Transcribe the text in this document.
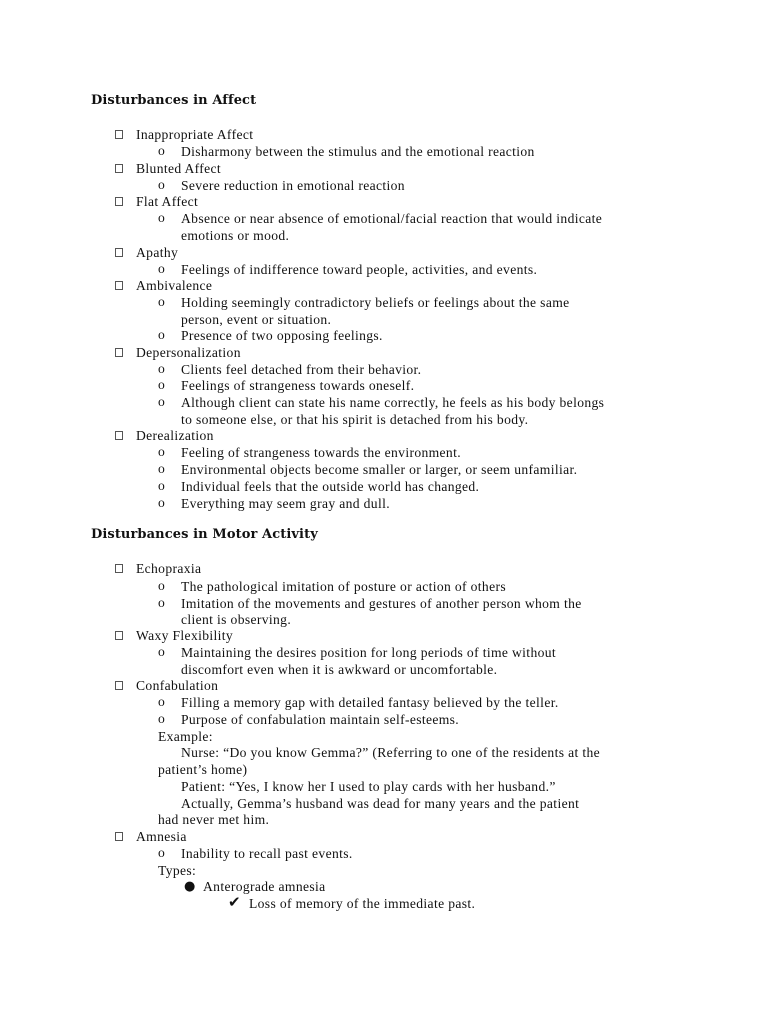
Disturbances in Affect
Inappropriate Affect
o Disharmony between the stimulus and the emotional reaction
Blunted Affect
o Severe reduction in emotional reaction
Flat Affect
o Absence or near absence of emotional/facial reaction that would indicate
emotions or mood.
Apathy
o Feelings of indifference toward people, activities, and events.
Ambivalence
o Holding seemingly contradictory beliefs or feelings about the same
person, event or situation.
o Presence of two opposing feelings.
Depersonalization
o Clients feel detached from their behavior.
o Feelings of strangeness towards oneself.
o Although client can state his name correctly, he feels as his body belongs
to someone else, or that his spirit is detached from his body.
Derealization
o Feeling of strangeness towards the environment.
o Environmental objects become smaller or larger, or seem unfamiliar.
o Individual feels that the outside world has changed.
o Everything may seem gray and dull.
Disturbances in Motor Activity
Echopraxia
o The pathological imitation of posture or action of others
o Imitation of the movements and gestures of another person whom the
client is observing.
Waxy Flexibility
o Maintaining the desires position for long periods of time without
discomfort even when it is awkward or uncomfortable.
Confabulation
o Filling a memory gap with detailed fantasy believed by the teller.
o Purpose of confabulation maintain self-esteems.
Example:
Nurse: “Do you know Gemma?” (Referring to one of the residents at the
patient’s home)
Patient: “Yes, I know her I used to play cards with her husband.”
Actually, Gemma’s husband was dead for many years and the patient
had never met him.
Amnesia
o Inability to recall past events.
Types:
● Anterograde amnesia
✔ Loss of memory of the immediate past.
